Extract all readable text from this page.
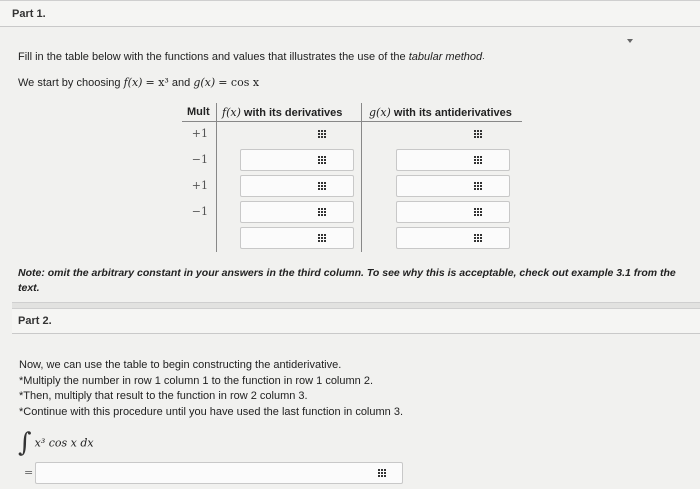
Part 1.
Fill in the table below with the functions and values that illustrates the use of the tabular method.
We start by choosing f(x) = x³ and g(x) = cos x
Mult f(x) with its derivatives g(x) with its antiderivatives
+1
−1
+1
−1
Note: omit the arbitrary constant in your answers in the third column. To see why this is acceptable, check out example 3.1 from the text.
Part 2.
Now, we can use the table to begin constructing the antiderivative.
*Multiply the number in row 1 column 1 to the function in row 1 column 2.
*Then, multiply that result to the function in row 2 column 3.
*Continue with this procedure until you have used the last function in column 3.
∫ x³ cos x dx
=
